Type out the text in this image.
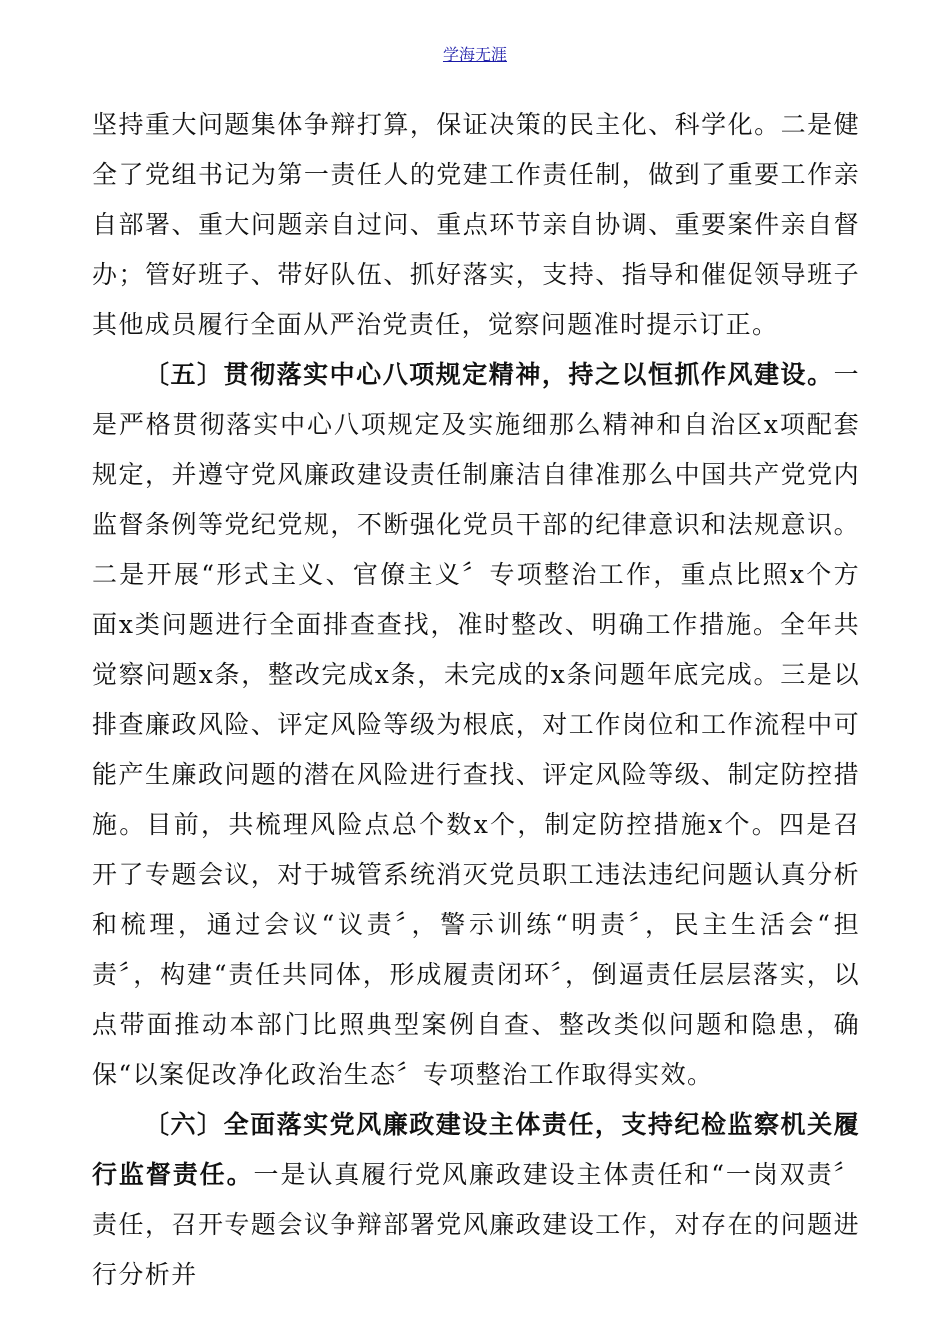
学海无涯

坚持重大问题集体争辩打算，保证决策的民主化、科学化。二是健全了党组书记为第一责任人的党建工作责任制，做到了重要工作亲自部署、重大问题亲自过问、重点环节亲自协调、重要案件亲自督办；管好班子、带好队伍、抓好落实，支持、指导和催促领导班子其他成员履行全面从严治党责任，觉察问题准时提示订正。

〔五〕贯彻落实中心八项规定精神，持之以恒抓作风建设。一是严格贯彻落实中心八项规定及实施细那么精神和自治区x项配套规定，并遵守党风廉政建设责任制廉洁自律准那么中国共产党党内监督条例等党纪党规，不断强化党员干部的纪律意识和法规意识。二是开展“形式主义、官僚主义〞专项整治工作，重点比照x个方面x类问题进行全面排查查找，准时整改、明确工作措施。全年共觉察问题x条，整改完成x条，未完成的x条问题年底完成。三是以排查廉政风险、评定风险等级为根底，对工作岗位和工作流程中可能产生廉政问题的潜在风险进行查找、评定风险等级、制定防控措施。目前，共梳理风险点总个数x个，制定防控措施x个。四是召开了专题会议，对于城管系统消灭党员职工违法违纪问题认真分析和梳理，通过会议“议责〞，警示训练“明责〞，民主生活会“担责〞，构建“责任共同体，形成履责闭环〞，倒逼责任层层落实，以点带面推动本部门比照典型案例自查、整改类似问题和隐患，确保“以案促改净化政治生态〞专项整治工作取得实效。

〔六〕全面落实党风廉政建设主体责任，支持纪检监察机关履行监督责任。一是认真履行党风廉政建设主体责任和“一岗双责〞责任，召开专题会议争辩部署党风廉政建设工作，对存在的问题进行分析并
